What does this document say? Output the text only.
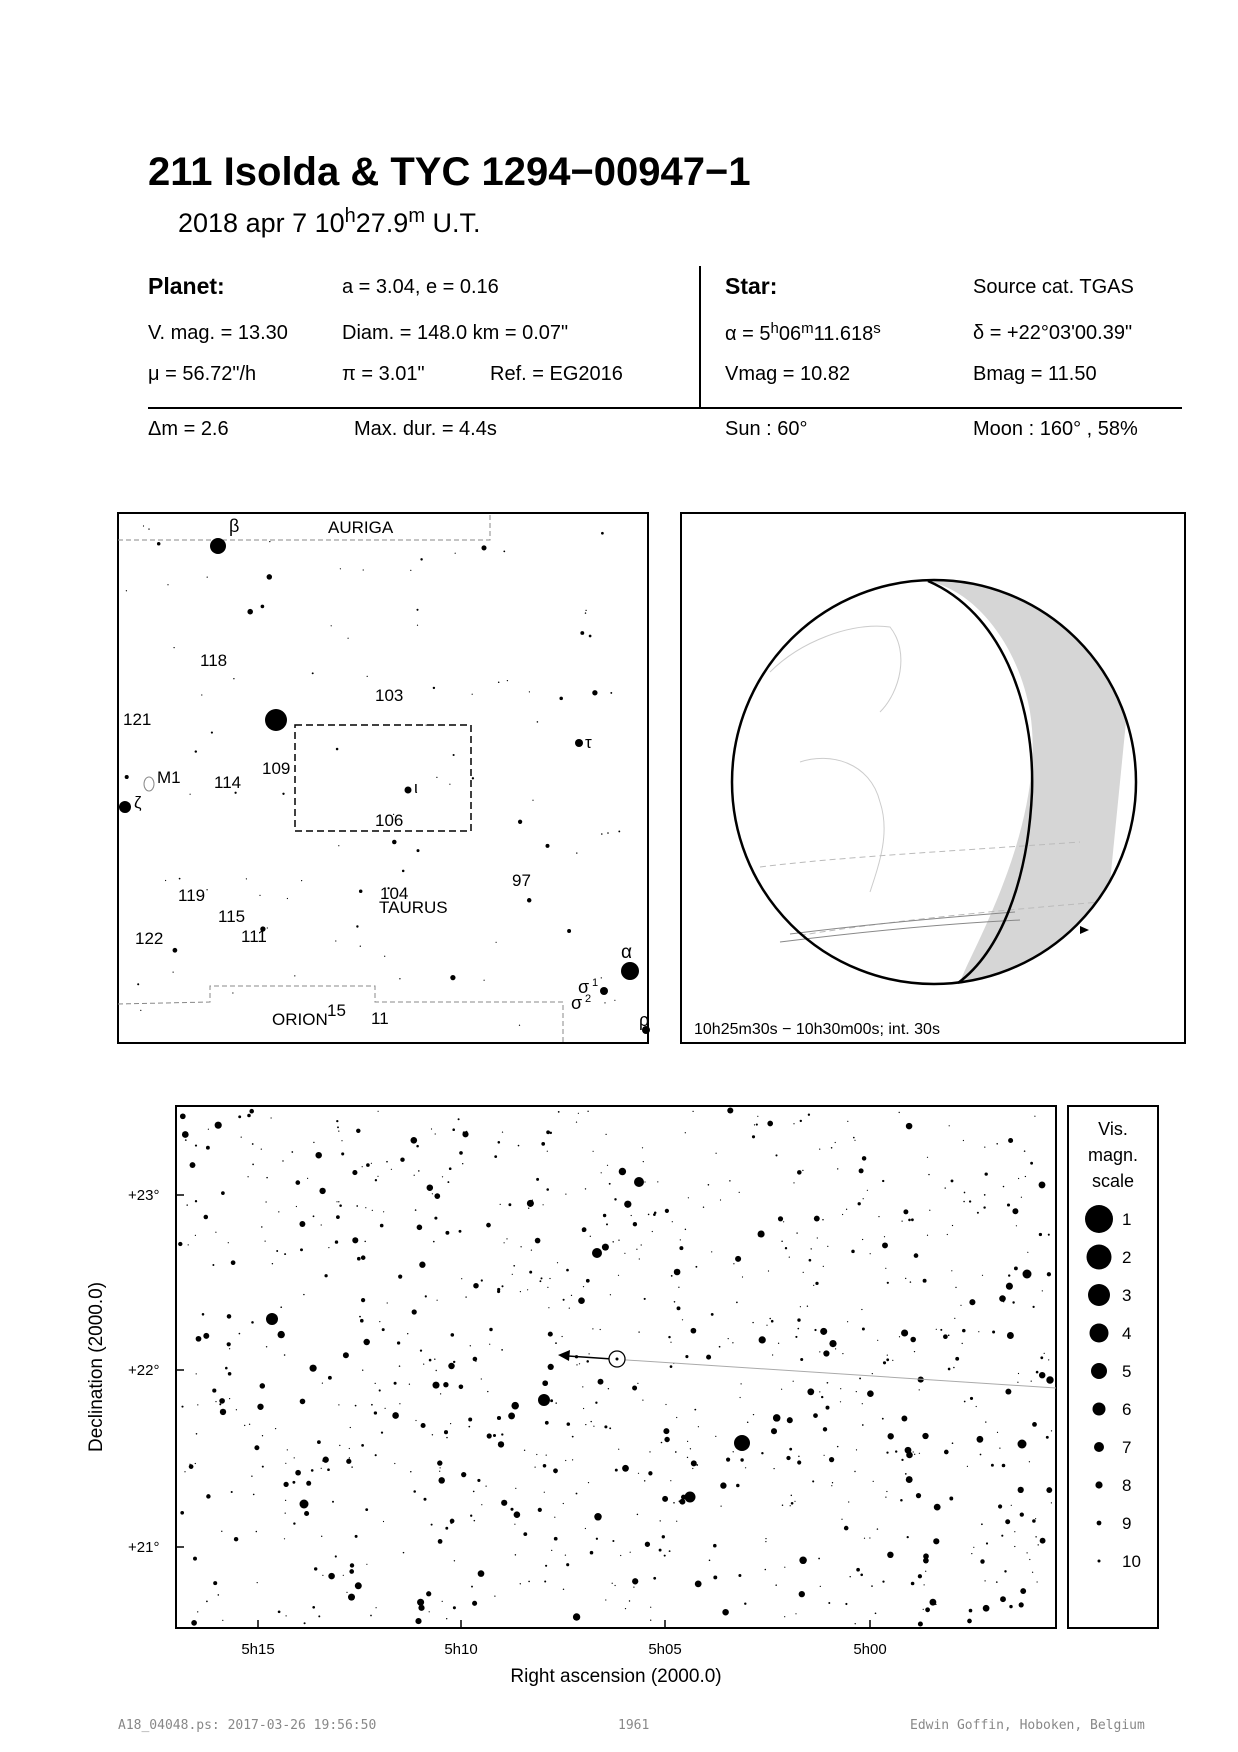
211 Isolda & TYC 1294−00947−1
2018 apr 7 10$^h$27.9$^m$ U.T.
Planet:	a = 3.04, e = 0.16
V. mag. = 13.30	Diam. = 148.0 km = 0.07"
μ = 56.72"/h	π = 3.01"	Ref. = EG2016
Star:	Source cat. TGAS
$\alpha = 5^h06^m11.618^s$	δ = +22°03'00.39"
Vmag = 10.82	Bmag = 11.50
Δm = 2.6	Max. dur. = 4.4s	Sun : 60°	Moon : 160° , 58%
AURIGA
TAURUS
ORION
β
118
121
103
τ
M1 114
109
ζ
ι
106
97
119	104
115
111
122
α
σ 1
σ 2
15 11	ρ	10h25m30s − 10h30m00s; int. 30s
+23°
+22°
+21°
5h15	5h10	5h05	5h00
Right ascension (2000.0)
Declination (2000.0)
Vis.
magn.
scale
1
2
3
4
5
6
7
8
9
10
A18_04048.ps: 2017-03-26 19:56:50	1961	Edwin Goffin, Hoboken, Belgium
